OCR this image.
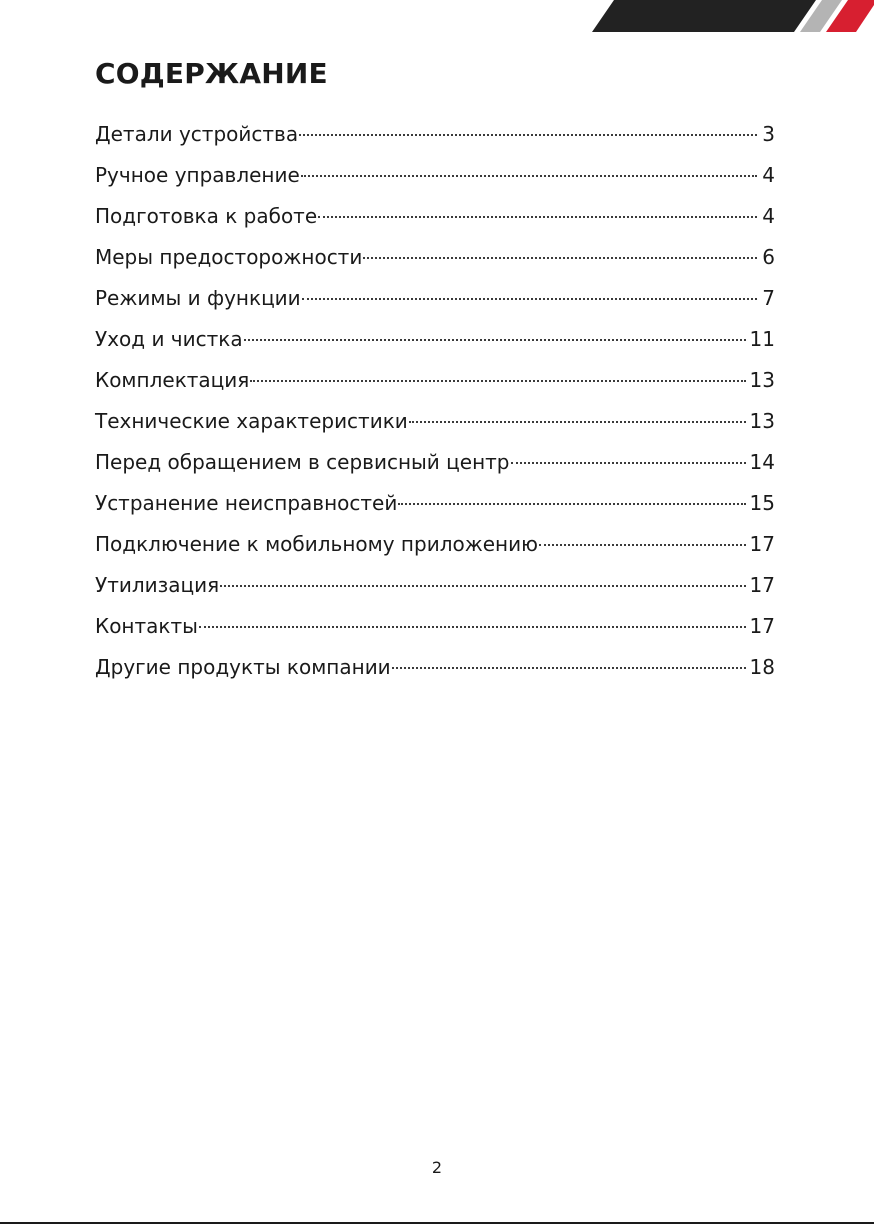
СОДЕРЖАНИЕ
Детали устройства	3
Ручное управление	4
Подготовка к работе	4
Меры предосторожности	6
Режимы и функции	7
Уход и чистка	11
Комплектация	13
Технические характеристики	13
Перед обращением в сервисный центр	14
Устранение неисправностей	15
Подключение к мобильному приложению	17
Утилизация	17
Контакты	17
Другие продукты компании	18
2
